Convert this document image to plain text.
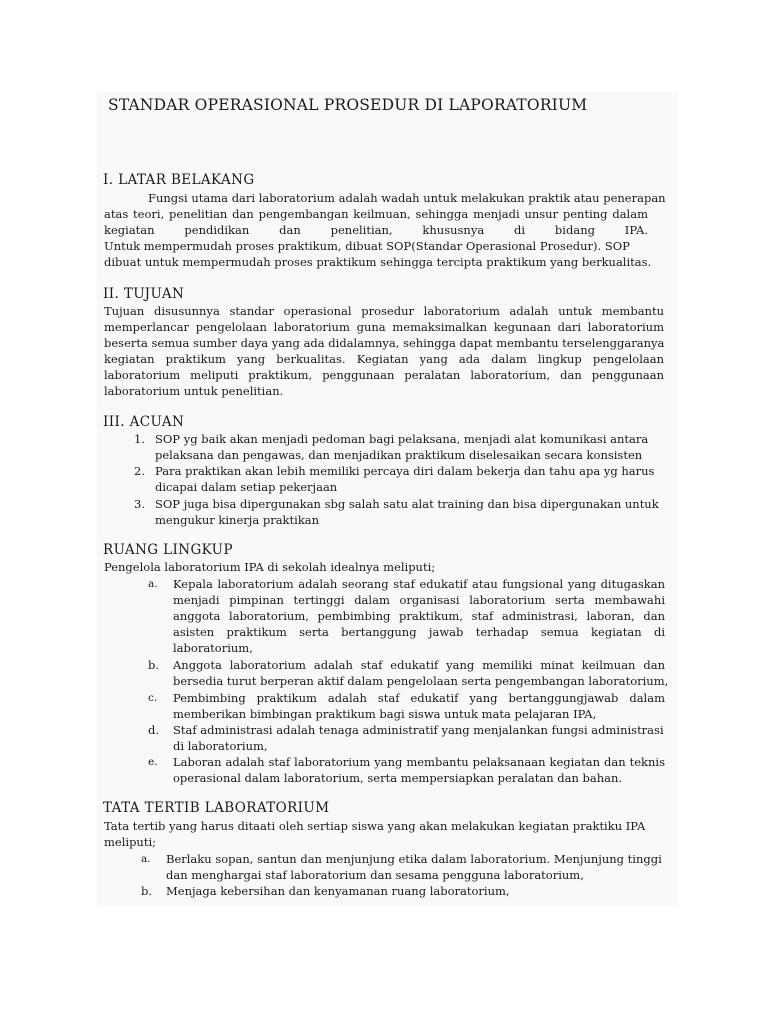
STANDAR OPERASIONAL PROSEDUR DI LAPORATORIUM
I. LATAR BELAKANG
Fungsi utama dari laboratorium adalah wadah untuk melakukan praktik atau penerapan
atas teori, penelitian dan pengembangan keilmuan, sehingga menjadi unsur penting dalam
kegiatan pendidikan dan penelitian, khususnya di bidang IPA.
Untuk mempermudah proses praktikum, dibuat SOP(Standar Operasional Prosedur). SOP
dibuat untuk mempermudah proses praktikum sehingga tercipta praktikum yang berkualitas.
II. TUJUAN
Tujuan disusunnya standar operasional prosedur laboratorium adalah untuk membantu
memperlancar pengelolaan laboratorium guna memaksimalkan kegunaan dari laboratorium
beserta semua sumber daya yang ada didalamnya, sehingga dapat membantu terselenggaranya
kegiatan praktikum yang berkualitas. Kegiatan yang ada dalam lingkup pengelolaan
laboratorium meliputi praktikum, penggunaan peralatan laboratorium, dan penggunaan
laboratorium untuk penelitian.
III. ACUAN
1. SOP yg baik akan menjadi pedoman bagi pelaksana, menjadi alat komunikasi antara
pelaksana dan pengawas, dan menjadikan praktikum diselesaikan secara konsisten
2. Para praktikan akan lebih memiliki percaya diri dalam bekerja dan tahu apa yg harus
dicapai dalam setiap pekerjaan
3. SOP juga bisa dipergunakan sbg salah satu alat training dan bisa dipergunakan untuk
mengukur kinerja praktikan
RUANG LINGKUP
Pengelola laboratorium IPA di sekolah idealnya meliputi;
a. Kepala laboratorium adalah seorang staf edukatif atau fungsional yang ditugaskan
menjadi pimpinan tertinggi dalam organisasi laboratorium serta membawahi
anggota laboratorium, pembimbing praktikum, staf administrasi, laboran, dan
asisten praktikum serta bertanggung jawab terhadap semua kegiatan di
laboratorium,
b. Anggota laboratorium adalah staf edukatif yang memiliki minat keilmuan dan
bersedia turut berperan aktif dalam pengelolaan serta pengembangan laboratorium,
c. Pembimbing praktikum adalah staf edukatif yang bertanggungjawab dalam
memberikan bimbingan praktikum bagi siswa untuk mata pelajaran IPA,
d. Staf administrasi adalah tenaga administratif yang menjalankan fungsi administrasi
di laboratorium,
e. Laboran adalah staf laboratorium yang membantu pelaksanaan kegiatan dan teknis
operasional dalam laboratorium, serta mempersiapkan peralatan dan bahan.
TATA TERTIB LABORATORIUM
Tata tertib yang harus ditaati oleh sertiap siswa yang akan melakukan kegiatan praktiku IPA
meliputi;
a. Berlaku sopan, santun dan menjunjung etika dalam laboratorium. Menjunjung tinggi
dan menghargai staf laboratorium dan sesama pengguna laboratorium,
b. Menjaga kebersihan dan kenyamanan ruang laboratorium,
